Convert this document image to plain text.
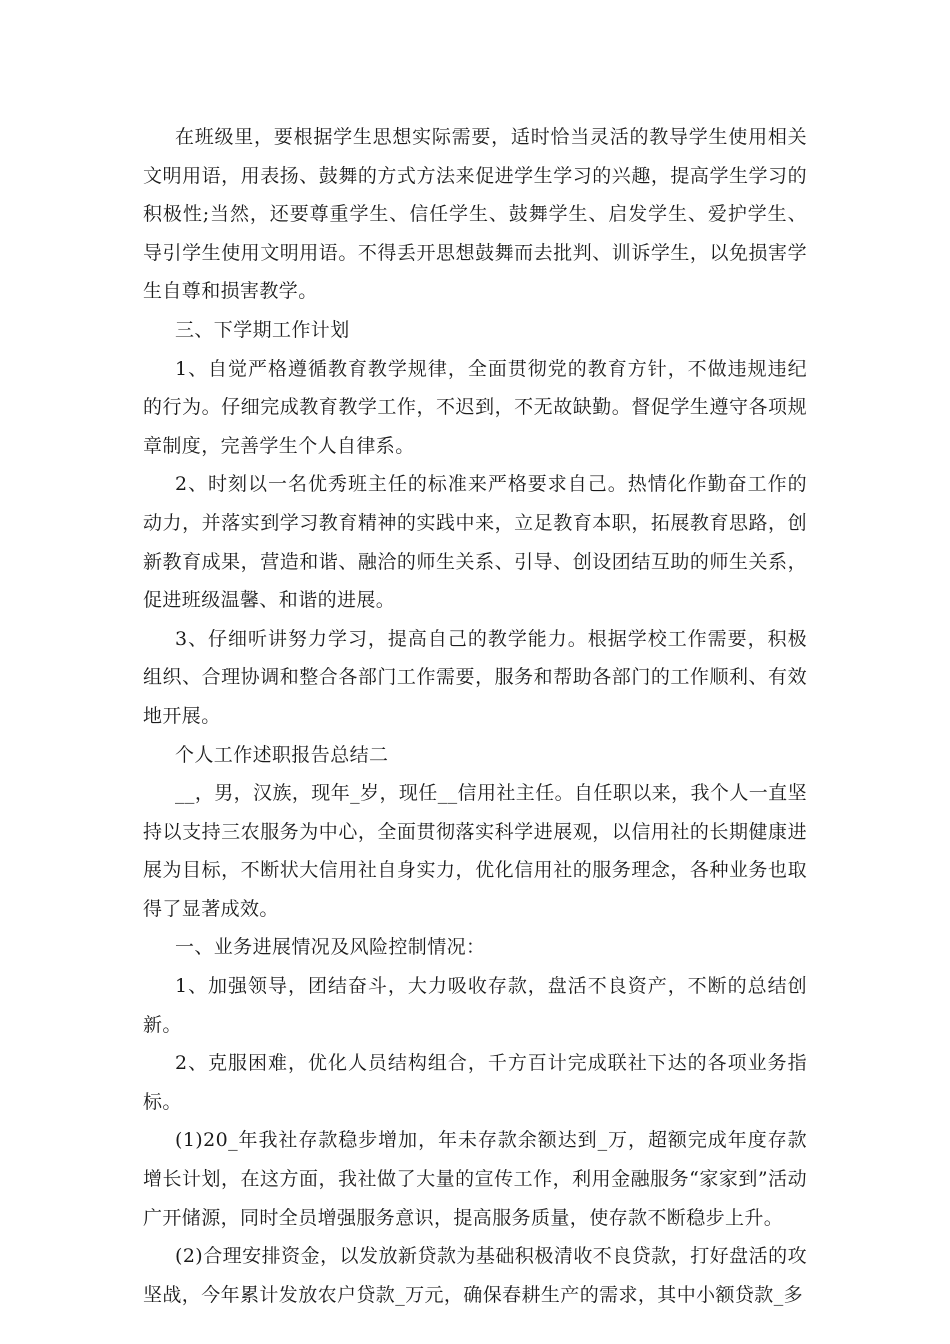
在班级里，要根据学生思想实际需要，适时恰当灵活的教导学生使用相关文明用语，用表扬、鼓舞的方式方法来促进学生学习的兴趣，提高学生学习的积极性;当然，还要尊重学生、信任学生、鼓舞学生、启发学生、爱护学生、导引学生使用文明用语。不得丢开思想鼓舞而去批判、训诉学生，以免损害学生自尊和损害教学。

三、下学期工作计划

1、自觉严格遵循教育教学规律，全面贯彻党的教育方针，不做违规违纪的行为。仔细完成教育教学工作，不迟到，不无故缺勤。督促学生遵守各项规章制度，完善学生个人自律系。

2、时刻以一名优秀班主任的标准来严格要求自己。热情化作勤奋工作的动力，并落实到学习教育精神的实践中来，立足教育本职，拓展教育思路，创新教育成果，营造和谐、融洽的师生关系、引导、创设团结互助的师生关系，促进班级温馨、和谐的进展。

3、仔细听讲努力学习，提高自己的教学能力。根据学校工作需要，积极组织、合理协调和整合各部门工作需要，服务和帮助各部门的工作顺利、有效地开展。

个人工作述职报告总结二

__，男，汉族，现年_岁，现任__信用社主任。自任职以来，我个人一直坚持以支持三农服务为中心，全面贯彻落实科学进展观，以信用社的长期健康进展为目标，不断状大信用社自身实力，优化信用社的服务理念，各种业务也取得了显著成效。

一、业务进展情况及风险控制情况：

1、加强领导，团结奋斗，大力吸收存款，盘活不良资产，不断的总结创新。

2、克服困难，优化人员结构组合，千方百计完成联社下达的各项业务指标。

(1)20_年我社存款稳步增加，年未存款余额达到_万，超额完成年度存款增长计划，在这方面，我社做了大量的宣传工作，利用金融服务“家家到”活动广开储源，同时全员增强服务意识，提高服务质量，使存款不断稳步上升。

(2)合理安排资金，以发放新贷款为基础积极清收不良贷款，打好盘活的攻坚战，今年累计发放农户贷款_万元，确保春耕生产的需求，其中小额贷款_多
